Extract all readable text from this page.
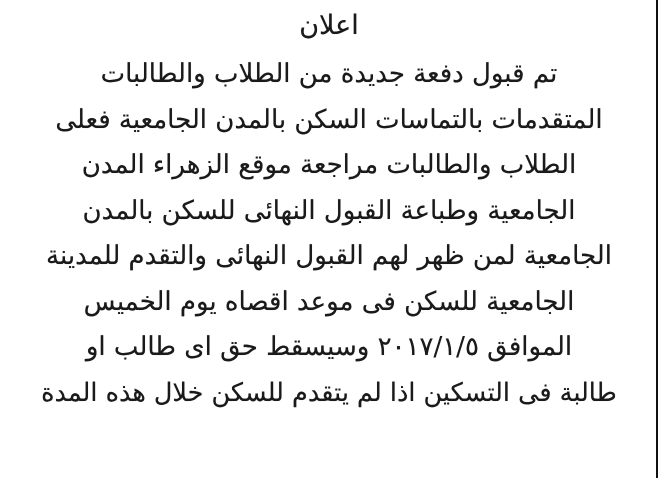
اعلان
تم قبول دفعة جديدة من الطلاب والطالبات
المتقدمات بالتماسات السكن بالمدن الجامعية فعلى
الطلاب والطالبات مراجعة موقع الزهراء المدن
الجامعية وطباعة القبول النهائى للسكن بالمدن
الجامعية لمن ظهر لهم القبول النهائى والتقدم للمدينة
الجامعية للسكن فى موعد اقصاه يوم الخميس
الموافق ٢٠١٧/١/٥ وسيسقط حق اى طالب او
طالبة فى التسكين اذا لم يتقدم للسكن خلال هذه المدة
